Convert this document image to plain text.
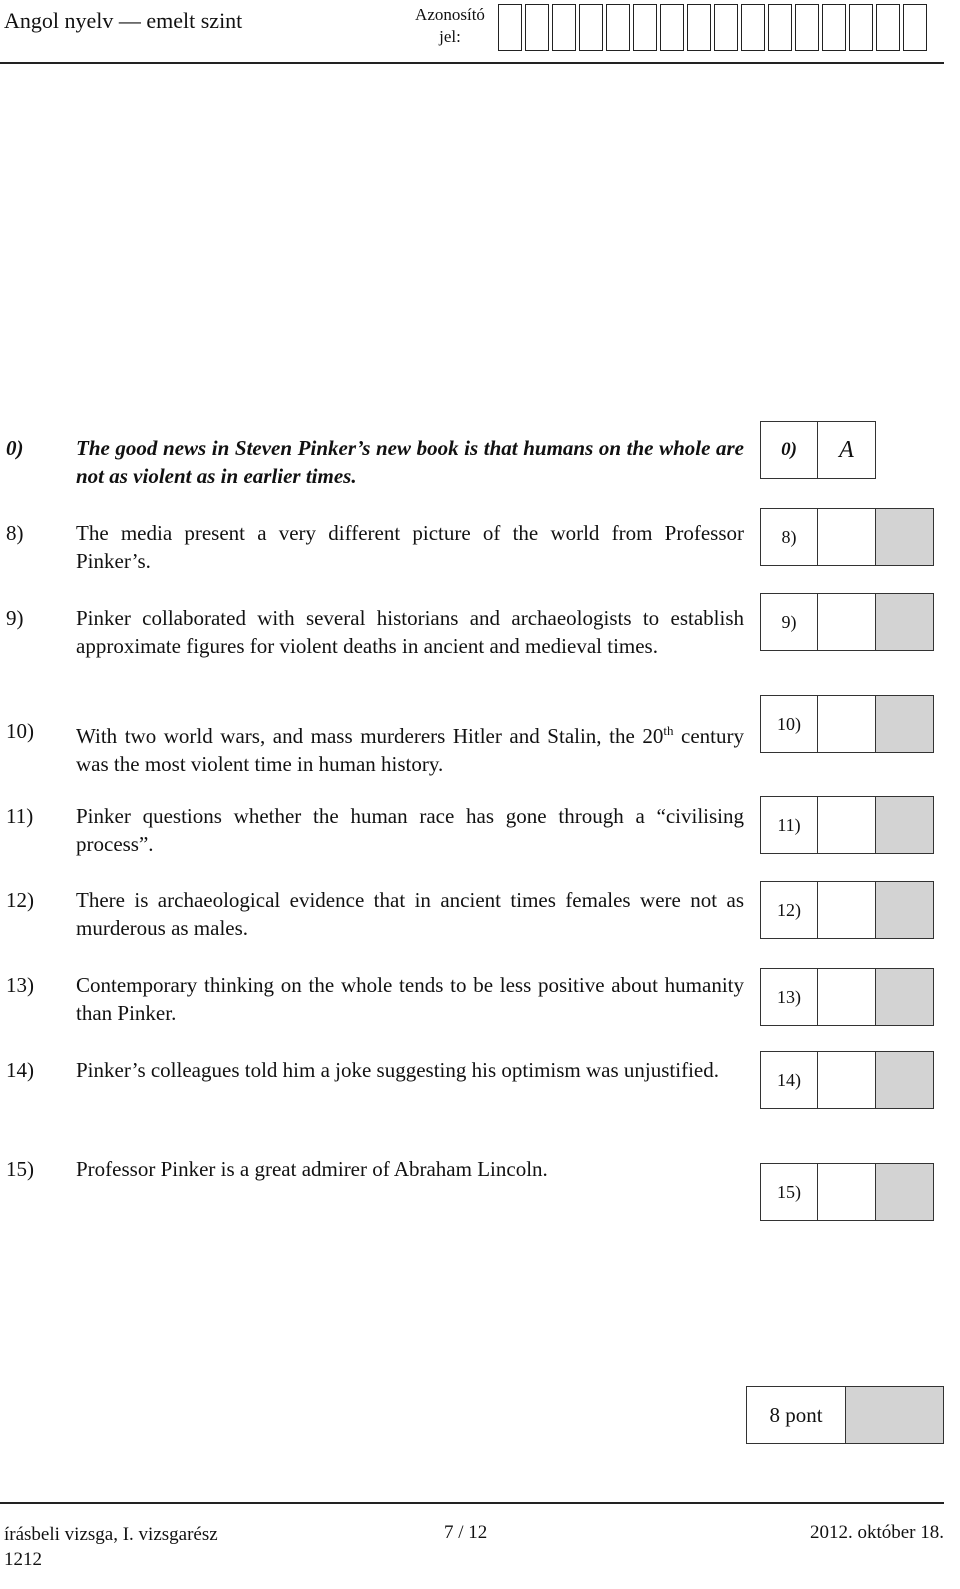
Angol nyelv — emelt szint	Azonosító
jel:
0)	The good news in Steven Pinker’s new book is that humans on the whole are not as violent as in earlier times.
8)	The media present a very different picture of the world from Professor Pinker’s.
9)	Pinker collaborated with several historians and archaeologists to establish approximate figures for violent deaths in ancient and medieval times.
10)	With two world wars, and mass murderers Hitler and Stalin, the 20th century was the most violent time in human history.
11)	Pinker questions whether the human race has gone through a “civilising process”.
12)	There is archaeological evidence that in ancient times females were not as murderous as males.
13)	Contemporary thinking on the whole tends to be less positive about humanity than Pinker.
14)	Pinker’s colleagues told him a joke suggesting his optimism was unjustified.
15)	Professor Pinker is a great admirer of Abraham Lincoln.
0)	A
8)
9)
10)
11)
12)
13)
14)
15)
8 pont
írásbeli vizsga, I. vizsgarész
1212
7 / 12	2012. október 18.
